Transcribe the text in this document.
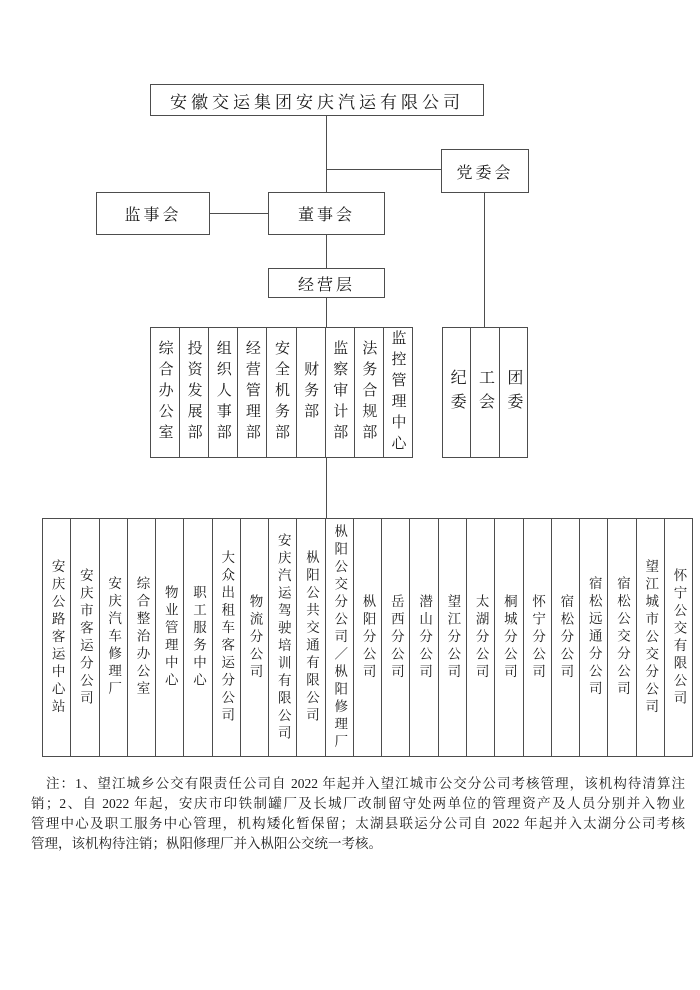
安徽交运集团安庆汽运有限公司
党委会
监事会	董事会
经营层
综合办公室 投资发展部 组织人事部 经营管理部 安全机务部 财务部 监察审计部 法务合规部 监控管理中心	纪委 工会 团委
安庆公路客运中心站 安庆市客运分公司 安庆汽车修理厂 综合整治办公室 物业管理中心 职工服务中心 大众出租车客运分公司 物流分公司 安庆汽运驾驶培训有限公司 枞阳公共交通有限公司 枞阳公交分公司／枞阳修理厂 枞阳分公司 岳西分公司 潜山分公司 望江分公司 太湖分公司 桐城分公司 怀宁分公司 宿松分公司 宿松远通分公司 宿松公交分公司 望江城市公交分公司 怀宁公交有限公司
注：1、望江城乡公交有限责任公司自 2022 年起并入望江城市公交分公司考核管理，该机构待清算注
销；2、自 2022 年起，安庆市印铁制罐厂及长城厂改制留守处两单位的管理资产及人员分别并入物业
管理中心及职工服务中心管理，机构矮化暂保留；太湖县联运分公司自 2022 年起并入太湖分公司考核
管理，该机构待注销；枞阳修理厂并入枞阳公交统一考核。
